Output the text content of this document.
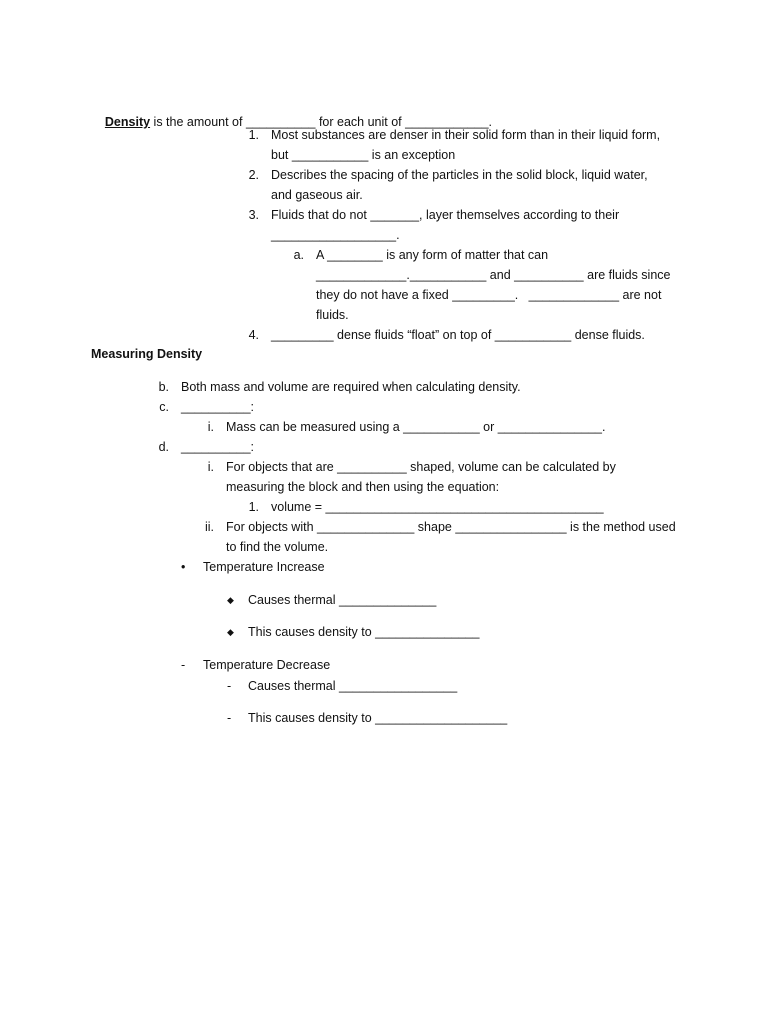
Density is the amount of __________ for each unit of ____________.

1. Most substances are denser in their solid form than in their liquid form,
but ___________ is an exception
2. Describes the spacing of the particles in the solid block, liquid water,
and gaseous air.
3. Fluids that do not _______, layer themselves according to their
__________________.
a. A ________ is any form of matter that can
_____________.___________ and __________ are fluids since
they do not have a fixed _________.   _____________ are not
fluids.
4. _________ dense fluids “float” on top of ___________ dense fluids.
Measuring Density
b. Both mass and volume are required when calculating density.
c. __________:
i. Mass can be measured using a ___________ or _______________.
d. __________:
i. For objects that are __________ shaped, volume can be calculated by
measuring the block and then using the equation:
1. volume = ________________________________________
ii. For objects with ______________ shape ________________ is the method used
to find the volume.
• Temperature Increase
◆ Causes thermal ______________
◆ This causes density to _______________
- Temperature Decrease
- Causes thermal _________________
- This causes density to ___________________
